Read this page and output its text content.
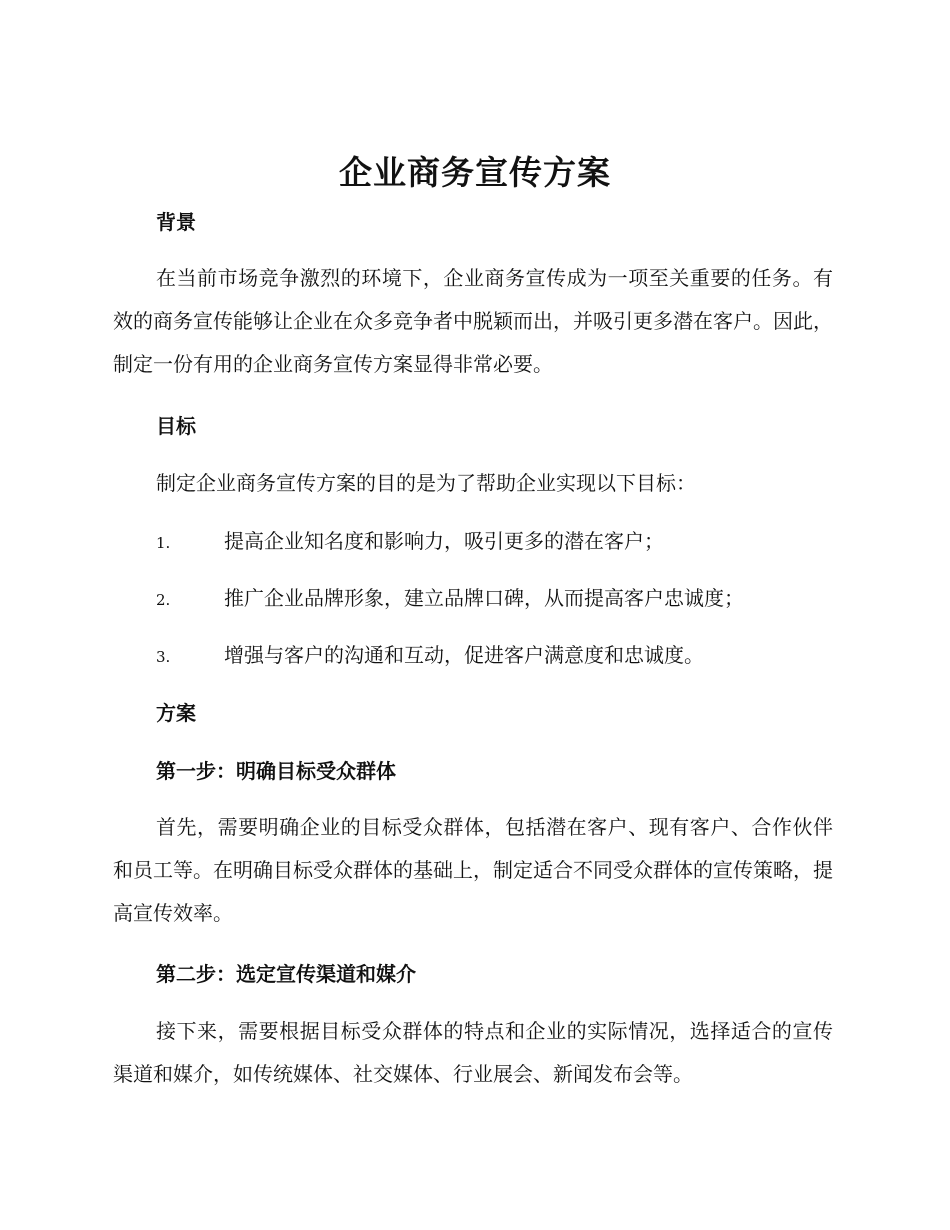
企业商务宣传方案
背景
在当前市场竞争激烈的环境下，企业商务宣传成为一项至关重要的任务。有效的商务宣传能够让企业在众多竞争者中脱颖而出，并吸引更多潜在客户。因此，制定一份有用的企业商务宣传方案显得非常必要。
目标
制定企业商务宣传方案的目的是为了帮助企业实现以下目标：
1.	提高企业知名度和影响力，吸引更多的潜在客户；
2.	推广企业品牌形象，建立品牌口碑，从而提高客户忠诚度；
3.	增强与客户的沟通和互动，促进客户满意度和忠诚度。
方案
第一步：明确目标受众群体
首先，需要明确企业的目标受众群体，包括潜在客户、现有客户、合作伙伴和员工等。在明确目标受众群体的基础上，制定适合不同受众群体的宣传策略，提高宣传效率。
第二步：选定宣传渠道和媒介
接下来，需要根据目标受众群体的特点和企业的实际情况，选择适合的宣传渠道和媒介，如传统媒体、社交媒体、行业展会、新闻发布会等。
